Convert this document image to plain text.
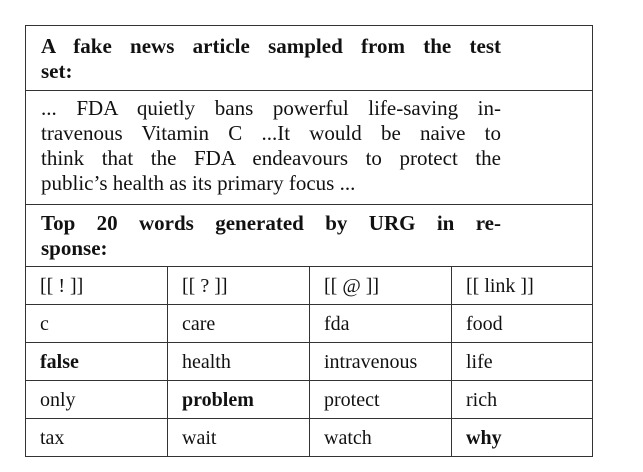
A fake news article sampled from the test
set:
... FDA quietly bans powerful life-saving in-
travenous Vitamin C ...It would be naive to
think that the FDA endeavours to protect the
public’s health as its primary focus ...
Top 20 words generated by URG in re-
sponse:
[[ ! ]]	[[ ? ]]	[[ @ ]]	[[ link ]]
c	care	fda	food
false	health	intravenous	life
only	problem	protect	rich
tax	wait	watch	why
